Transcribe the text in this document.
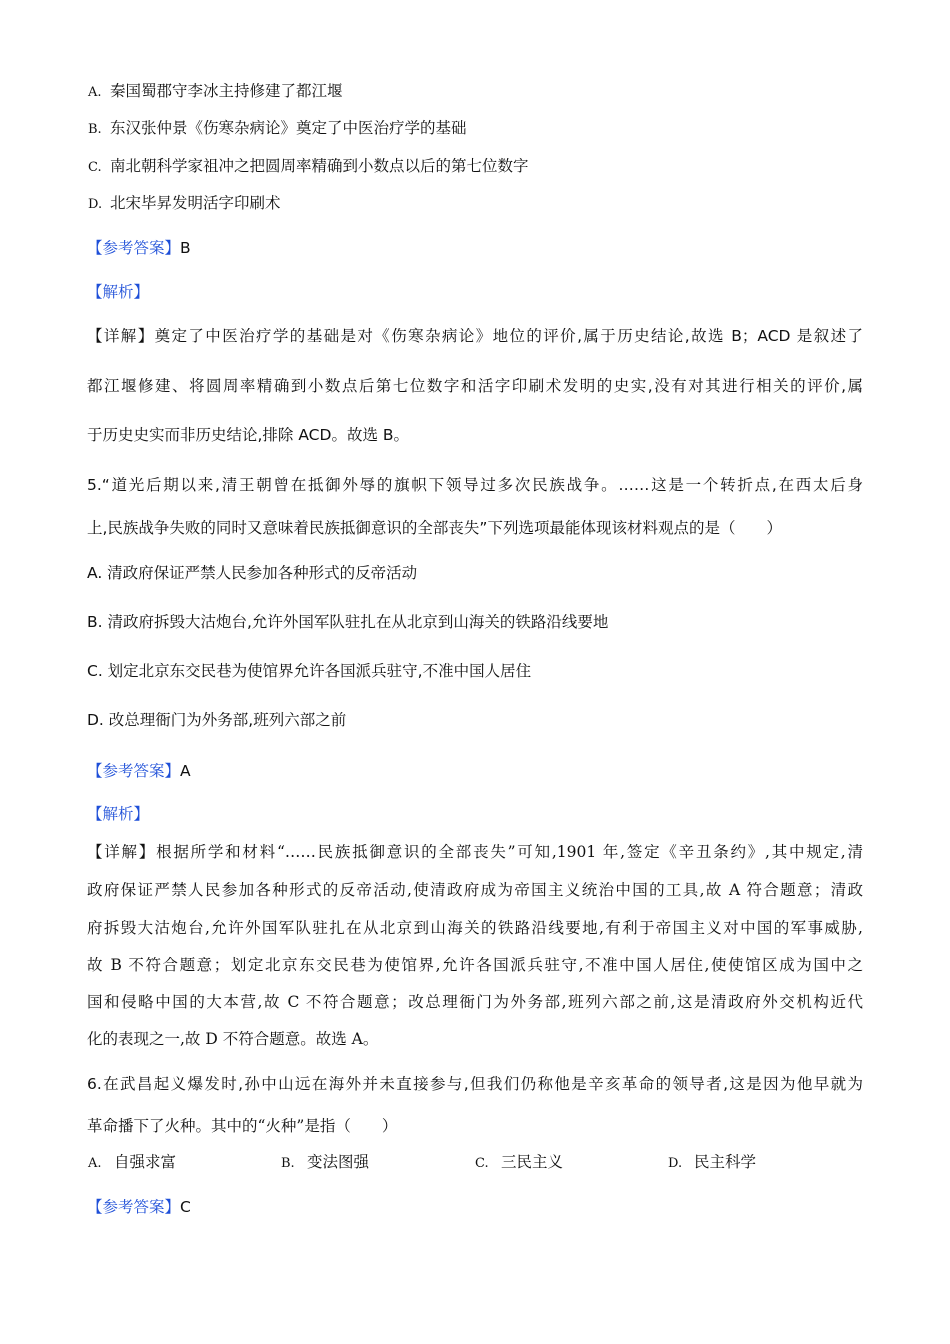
A. 秦国蜀郡守李冰主持修建了都江堰
B. 东汉张仲景《伤寒杂病论》奠定了中医治疗学的基础
C. 南北朝科学家祖冲之把圆周率精确到小数点以后的第七位数字
D. 北宋毕昇发明活字印刷术
【参考答案】B
【解析】
【详解】奠定了中医治疗学的基础是对《伤寒杂病论》地位的评价,属于历史结论,故选 B；ACD 是叙述了
都江堰修建、将圆周率精确到小数点后第七位数字和活字印刷术发明的史实,没有对其进行相关的评价,属
于历史史实而非历史结论,排除 ACD。故选 B。
5.“道光后期以来,清王朝曾在抵御外辱的旗帜下领导过多次民族战争。……这是一个转折点,在西太后身
上,民族战争失败的同时又意味着民族抵御意识的全部丧失”下列选项最能体现该材料观点的是（　　）
A. 清政府保证严禁人民参加各种形式的反帝活动
B. 清政府拆毁大沽炮台,允许外国军队驻扎在从北京到山海关的铁路沿线要地
C. 划定北京东交民巷为使馆界允许各国派兵驻守,不准中国人居住
D. 改总理衙门为外务部,班列六部之前
【参考答案】A
【解析】
【详解】根据所学和材料“……民族抵御意识的全部丧失”可知,1901 年,签定《辛丑条约》,其中规定,清
政府保证严禁人民参加各种形式的反帝活动,使清政府成为帝国主义统治中国的工具,故 A 符合题意；清政
府拆毁大沽炮台,允许外国军队驻扎在从北京到山海关的铁路沿线要地,有利于帝国主义对中国的军事威胁,
故 B 不符合题意；划定北京东交民巷为使馆界,允许各国派兵驻守,不准中国人居住,使使馆区成为国中之
国和侵略中国的大本营,故 C 不符合题意；改总理衙门为外务部,班列六部之前,这是清政府外交机构近代
化的表现之一,故 D 不符合题意。故选 A。
6.在武昌起义爆发时,孙中山远在海外并未直接参与,但我们仍称他是辛亥革命的领导者,这是因为他早就为
革命播下了火种。其中的“火种”是指（　　）
A. 自强求富	B. 变法图强	C. 三民主义	D. 民主科学
【参考答案】C
